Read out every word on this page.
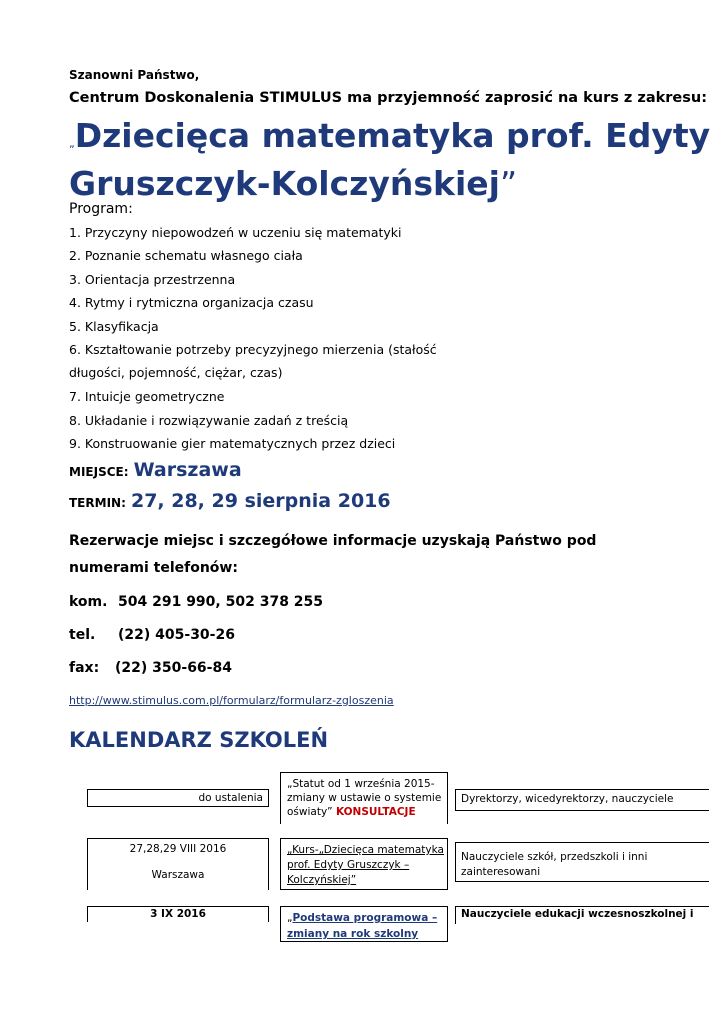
Szanowni Państwo,
Centrum Doskonalenia STIMULUS ma przyjemność zaprosić na kurs z zakresu:
„Dziecięca matematyka prof. Edyty
Gruszczyk-Kolczyńskiej”
Program:
1. Przyczyny niepowodzeń w uczeniu się matematyki
2. Poznanie schematu własnego ciała
3. Orientacja przestrzenna
4. Rytmy i rytmiczna organizacja czasu
5. Klasyfikacja
6. Kształtowanie potrzeby precyzyjnego mierzenia (stałość
długości, pojemność, ciężar, czas)
7. Intuicje geometryczne
8. Układanie i rozwiązywanie zadań z treścią
9. Konstruowanie gier matematycznych przez dzieci
MIEJSCE: Warszawa
TERMIN: 27, 28, 29 sierpnia 2016
Rezerwacje miejsc i szczegółowe informacje uzyskają Państwo pod
numerami telefonów:
kom. 504 291 990, 502 378 255
tel. (22) 405-30-26
fax: (22) 350-66-84
http://www.stimulus.com.pl/formularz/formularz-zgloszenia
KALENDARZ SZKOLEŃ
do ustalenia
„Statut od 1 września 2015-
zmiany w ustawie o systemie
oświaty” KONSULTACJE
Dyrektorzy, wicedyrektorzy, nauczyciele
27,28,29 VIII 2016
Warszawa
„Kurs-„Dziecięca matematyka
prof. Edyty Gruszczyk –
Kolczyńskiej”
Nauczyciele szkół, przedszkoli i inni
zainteresowani
3 IX 2016	„Podstawa programowa –
zmiany na rok szkolny
Nauczyciele edukacji wczesnoszkolnej i
